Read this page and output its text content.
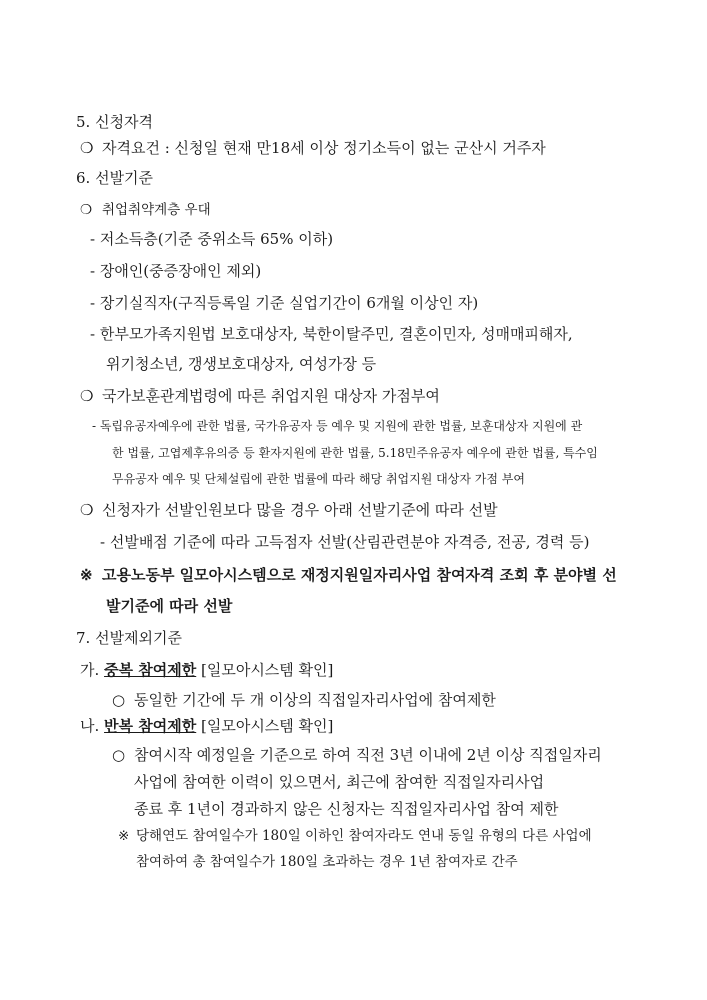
5. 신청자격
❍ 자격요건 : 신청일 현재 만18세 이상 정기소득이 없는 군산시 거주자
6. 선발기준
❍ 취업취약계층 우대
- 저소득층(기준 중위소득 65% 이하)
- 장애인(중증장애인 제외)
- 장기실직자(구직등록일 기준 실업기간이 6개월 이상인 자)
- 한부모가족지원법 보호대상자, 북한이탈주민, 결혼이민자, 성매매피해자,
위기청소년, 갱생보호대상자, 여성가장 등
❍ 국가보훈관계법령에 따른 취업지원 대상자 가점부여
- 독립유공자예우에 관한 법률, 국가유공자 등 예우 및 지원에 관한 법률, 보훈대상자 지원에 관
한 법률, 고엽제후유의증 등 환자지원에 관한 법률, 5.18민주유공자 예우에 관한 법률, 특수임
무유공자 예우 및 단체설립에 관한 법률에 따라 해당 취업지원 대상자 가점 부여
❍ 신청자가 선발인원보다 많을 경우 아래 선발기준에 따라 선발
- 선발배점 기준에 따라 고득점자 선발(산림관련분야 자격증, 전공, 경력 등)
※ 고용노동부 일모아시스템으로 재정지원일자리사업 참여자격 조회 후 분야별 선
발기준에 따라 선발
7. 선발제외기준
가. 중복 참여제한 [일모아시스템 확인]
○ 동일한 기간에 두 개 이상의 직접일자리사업에 참여제한
나. 반복 참여제한 [일모아시스템 확인]
○ 참여시작 예정일을 기준으로 하여 직전 3년 이내에 2년 이상 직접일자리
사업에 참여한 이력이 있으면서, 최근에 참여한 직접일자리사업
종료 후 1년이 경과하지 않은 신청자는 직접일자리사업 참여 제한
※ 당해연도 참여일수가 180일 이하인 참여자라도 연내 동일 유형의 다른 사업에
참여하여 총 참여일수가 180일 초과하는 경우 1년 참여자로 간주
